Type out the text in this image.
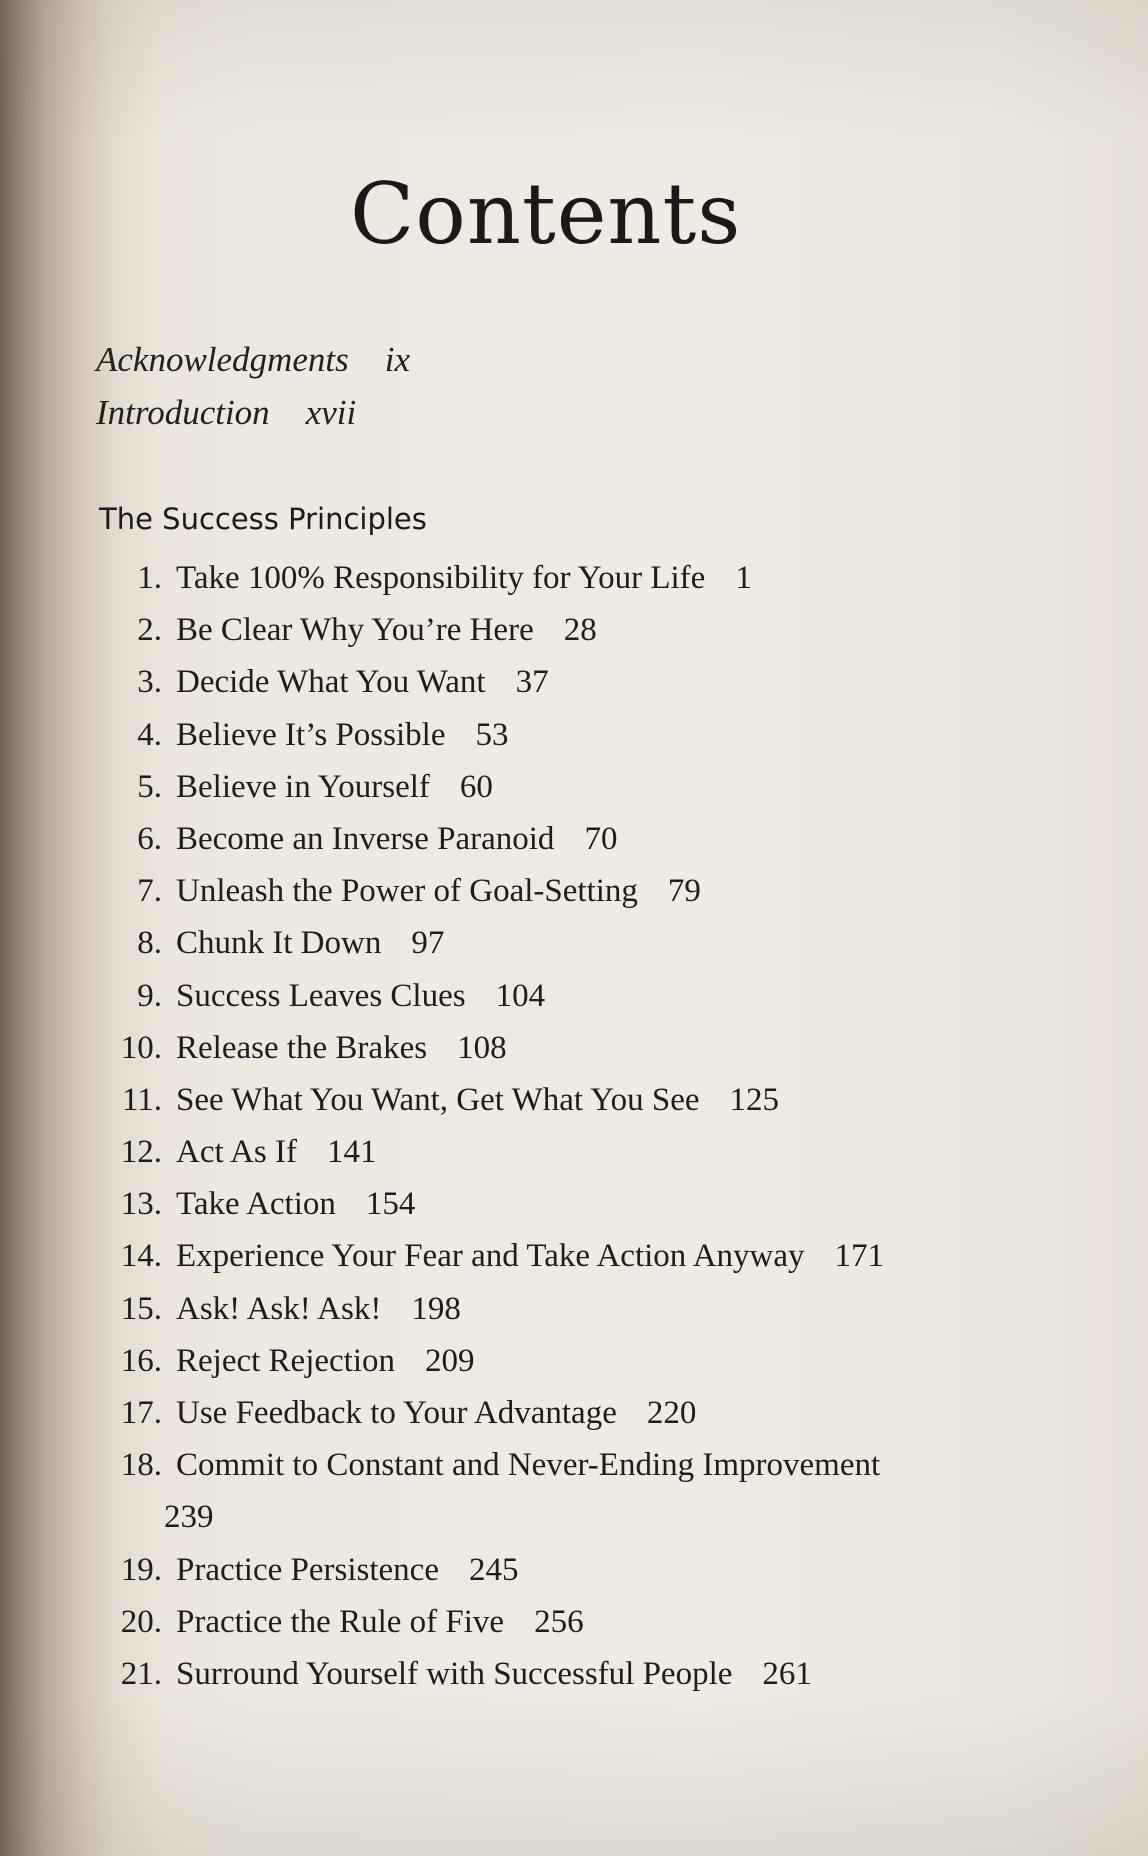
Contents
Acknowledgments ix
Introduction xvii
The Success Principles
1. Take 100% Responsibility for Your Life 1
2. Be Clear Why You’re Here 28
3. Decide What You Want 37
4. Believe It’s Possible 53
5. Believe in Yourself 60
6. Become an Inverse Paranoid 70
7. Unleash the Power of Goal-Setting 79
8. Chunk It Down 97
9. Success Leaves Clues 104
10. Release the Brakes 108
11. See What You Want, Get What You See 125
12. Act As If 141
13. Take Action 154
14. Experience Your Fear and Take Action Anyway 171
15. Ask! Ask! Ask! 198
16. Reject Rejection 209
17. Use Feedback to Your Advantage 220
18. Commit to Constant and Never-Ending Improvement
239
19. Practice Persistence 245
20. Practice the Rule of Five 256
21. Surround Yourself with Successful People 261
